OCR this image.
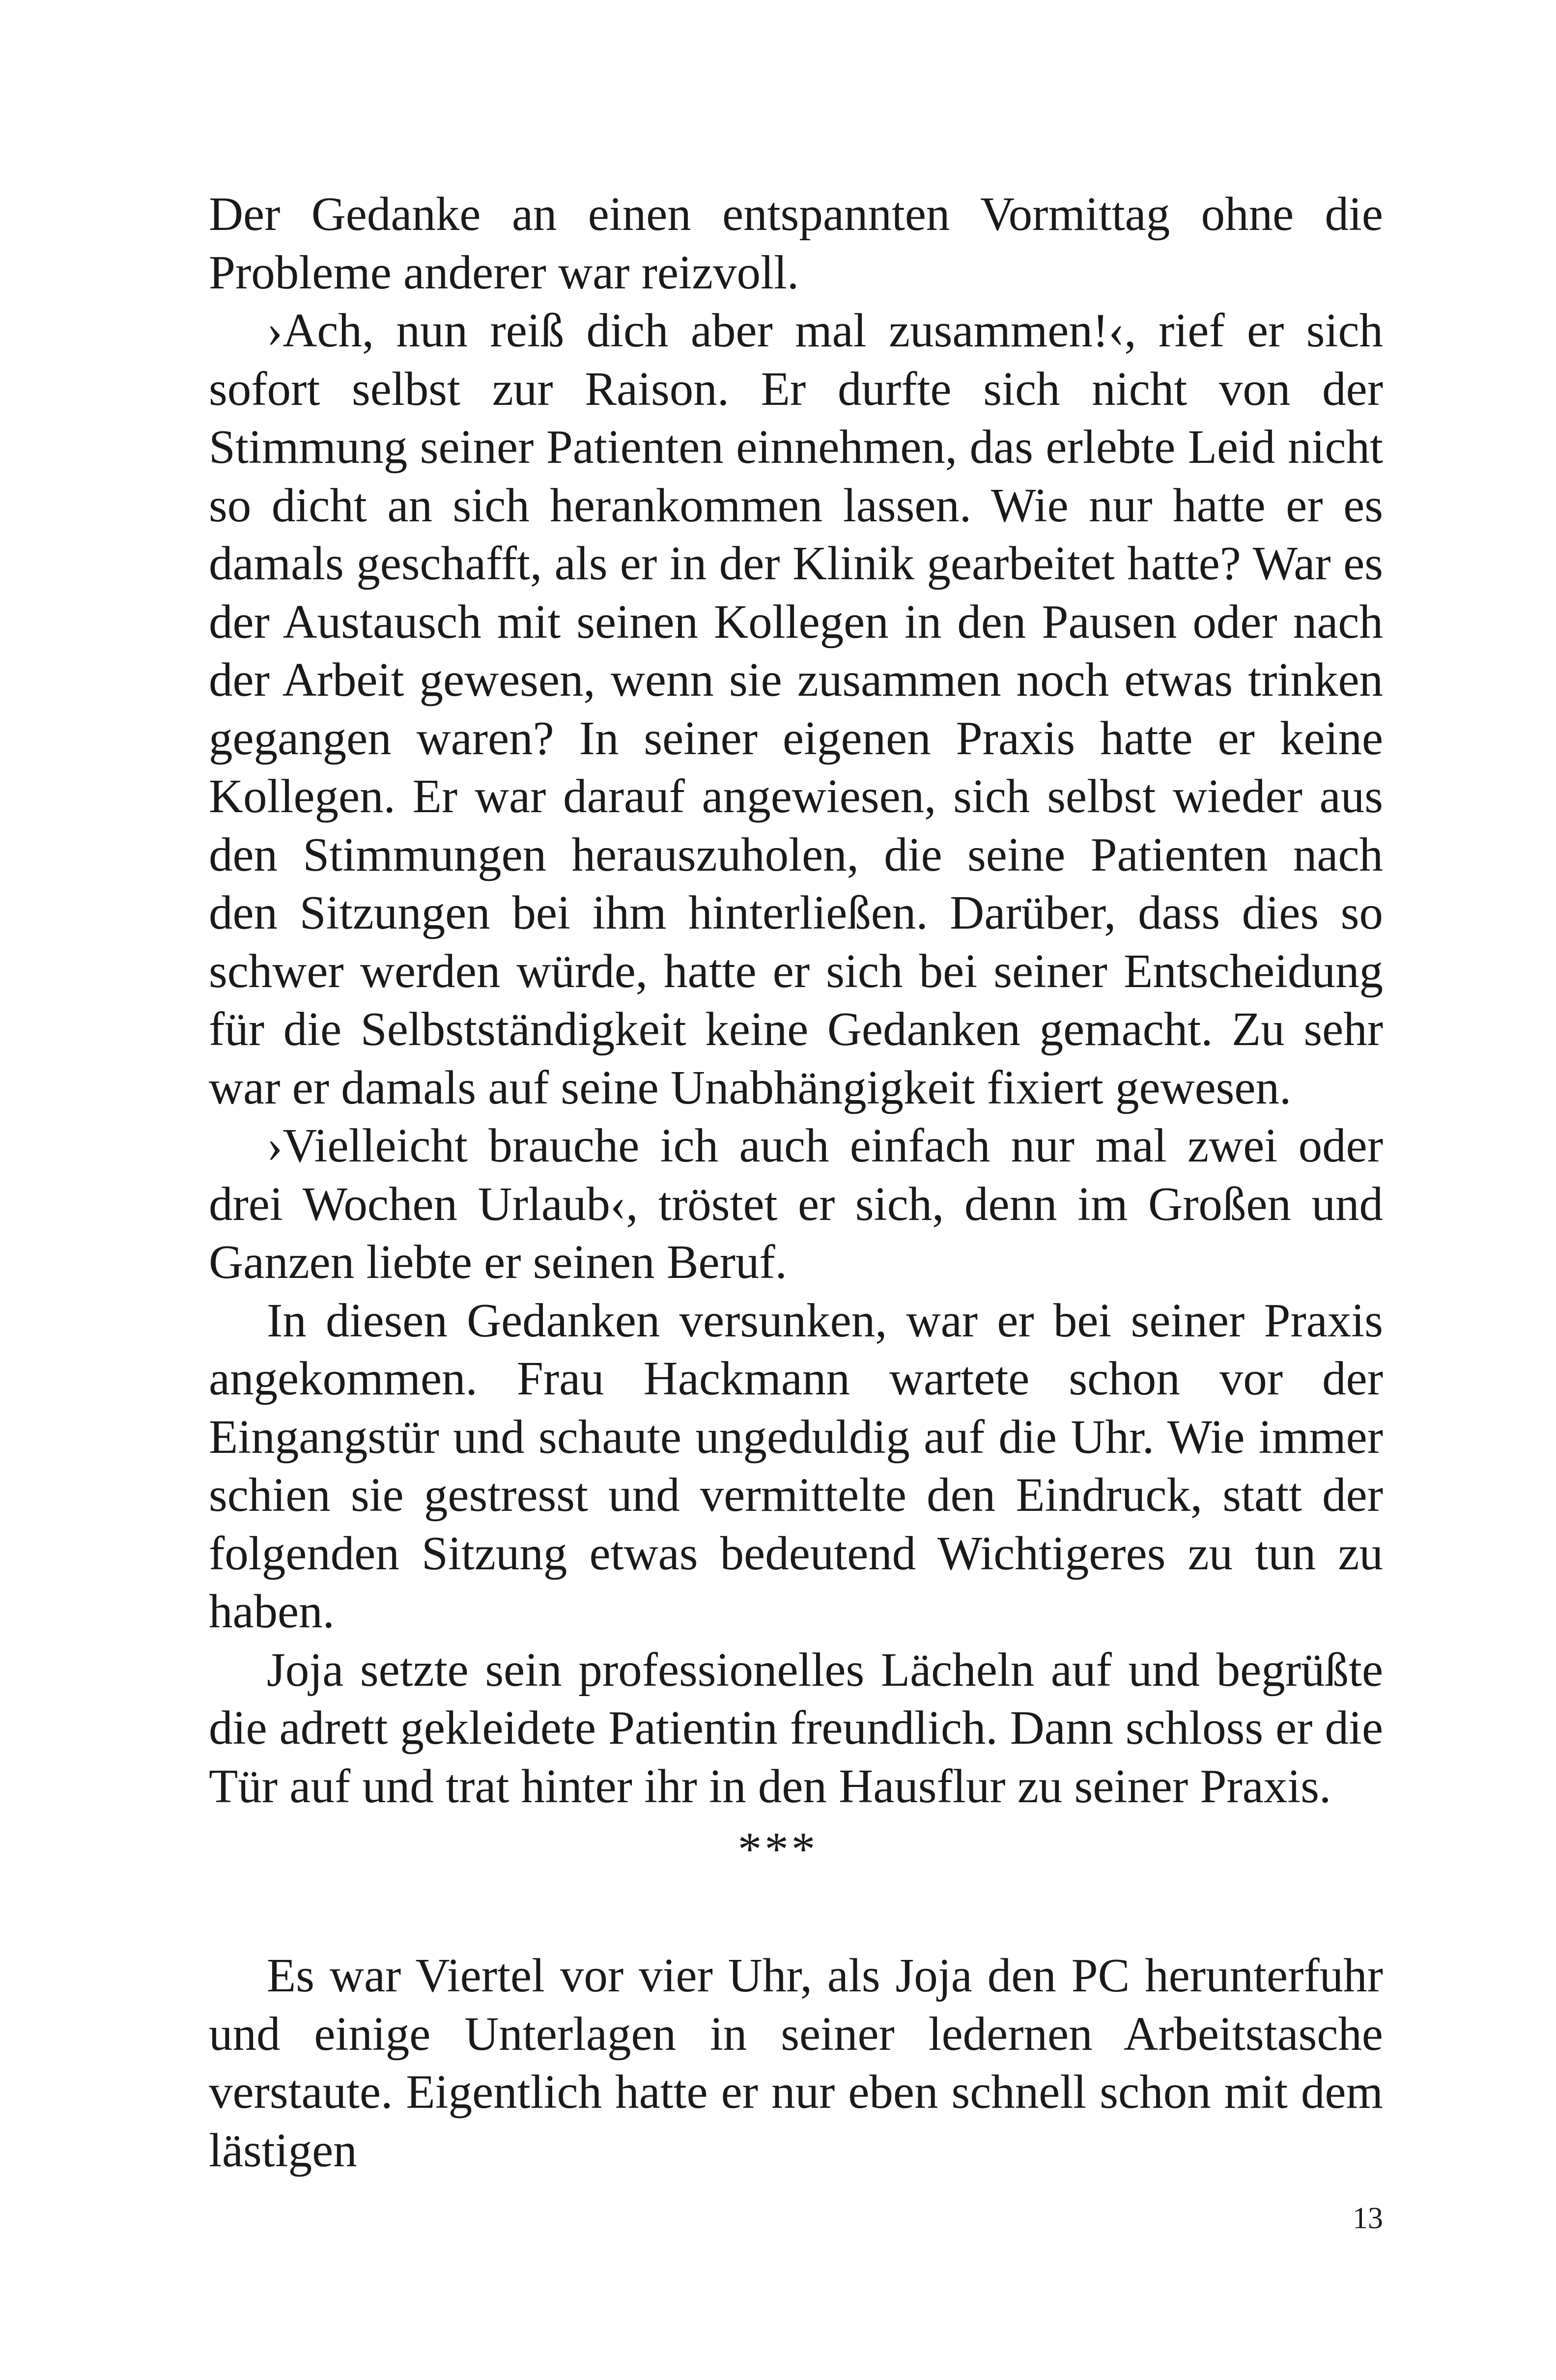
Der Gedanke an einen entspannten Vormittag ohne die Probleme anderer war reizvoll.

›Ach, nun reiß dich aber mal zusammen!‹, rief er sich sofort selbst zur Raison. Er durfte sich nicht von der Stimmung seiner Patienten einnehmen, das erlebte Leid nicht so dicht an sich herankommen lassen. Wie nur hatte er es damals geschafft, als er in der Klinik gearbeitet hatte? War es der Austausch mit seinen Kollegen in den Pausen oder nach der Arbeit gewesen, wenn sie zusammen noch etwas trinken gegangen waren? In seiner eigenen Praxis hatte er keine Kollegen. Er war darauf angewiesen, sich selbst wieder aus den Stimmungen herauszuholen, die seine Patienten nach den Sitzungen bei ihm hinterließen. Darüber, dass dies so schwer werden würde, hatte er sich bei seiner Entscheidung für die Selbstständigkeit keine Gedanken gemacht. Zu sehr war er damals auf seine Unabhängigkeit fixiert gewesen.

›Vielleicht brauche ich auch einfach nur mal zwei oder drei Wochen Urlaub‹, tröstet er sich, denn im Großen und Ganzen liebte er seinen Beruf.

In diesen Gedanken versunken, war er bei seiner Praxis angekommen. Frau Hackmann wartete schon vor der Eingangstür und schaute ungeduldig auf die Uhr. Wie immer schien sie gestresst und vermittelte den Eindruck, statt der folgenden Sitzung etwas bedeutend Wichtigeres zu tun zu haben.

Joja setzte sein professionelles Lächeln auf und begrüßte die adrett gekleidete Patientin freundlich. Dann schloss er die Tür auf und trat hinter ihr in den Hausflur zu seiner Praxis.

***

Es war Viertel vor vier Uhr, als Joja den PC herunterfuhr und einige Unterlagen in seiner ledernen Arbeitstasche verstaute. Eigentlich hatte er nur eben schnell schon mit dem lästigen

13
